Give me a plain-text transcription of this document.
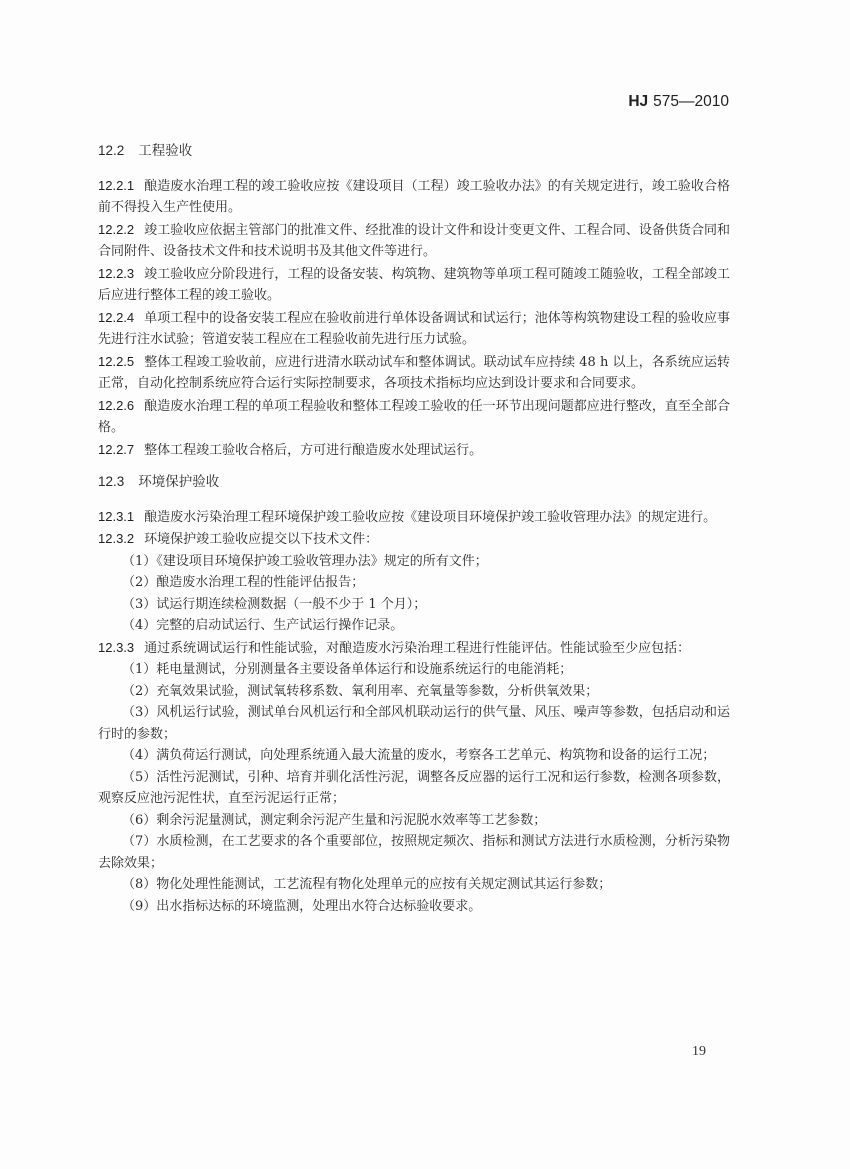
HJ 575—2010
12.2 工程验收

12.2.1 酿造废水治理工程的竣工验收应按《建设项目（工程）竣工验收办法》的有关规定进行，竣工验收合格前不得投入生产性使用。

12.2.2 竣工验收应依据主管部门的批准文件、经批准的设计文件和设计变更文件、工程合同、设备供货合同和合同附件、设备技术文件和技术说明书及其他文件等进行。

12.2.3 竣工验收应分阶段进行，工程的设备安装、构筑物、建筑物等单项工程可随竣工随验收，工程全部竣工后应进行整体工程的竣工验收。

12.2.4 单项工程中的设备安装工程应在验收前进行单体设备调试和试运行；池体等构筑物建设工程的验收应事先进行注水试验；管道安装工程应在工程验收前先进行压力试验。

12.2.5 整体工程竣工验收前，应进行进清水联动试车和整体调试。联动试车应持续 48 h 以上，各系统应运转正常，自动化控制系统应符合运行实际控制要求，各项技术指标均应达到设计要求和合同要求。

12.2.6 酿造废水治理工程的单项工程验收和整体工程竣工验收的任一环节出现问题都应进行整改，直至全部合格。

12.2.7 整体工程竣工验收合格后，方可进行酿造废水处理试运行。

12.3 环境保护验收

12.3.1 酿造废水污染治理工程环境保护竣工验收应按《建设项目环境保护竣工验收管理办法》的规定进行。

12.3.2 环境保护竣工验收应提交以下技术文件：

（1）《建设项目环境保护竣工验收管理办法》规定的所有文件；

（2）酿造废水治理工程的性能评估报告；

（3）试运行期连续检测数据（一般不少于 1 个月）；

（4）完整的启动试运行、生产试运行操作记录。

12.3.3 通过系统调试运行和性能试验，对酿造废水污染治理工程进行性能评估。性能试验至少应包括：

（1）耗电量测试，分别测量各主要设备单体运行和设施系统运行的电能消耗；

（2）充氧效果试验，测试氧转移系数、氧利用率、充氧量等参数，分析供氧效果；

（3）风机运行试验，测试单台风机运行和全部风机联动运行的供气量、风压、噪声等参数，包括启动和运行时的参数；

（4）满负荷运行测试，向处理系统通入最大流量的废水，考察各工艺单元、构筑物和设备的运行工况；

（5）活性污泥测试，引种、培育并驯化活性污泥，调整各反应器的运行工况和运行参数，检测各项参数，观察反应池污泥性状，直至污泥运行正常；

（6）剩余污泥量测试，测定剩余污泥产生量和污泥脱水效率等工艺参数；

（7）水质检测，在工艺要求的各个重要部位，按照规定频次、指标和测试方法进行水质检测，分析污染物去除效果；

（8）物化处理性能测试，工艺流程有物化处理单元的应按有关规定测试其运行参数；

（9）出水指标达标的环境监测，处理出水符合达标验收要求。

19
